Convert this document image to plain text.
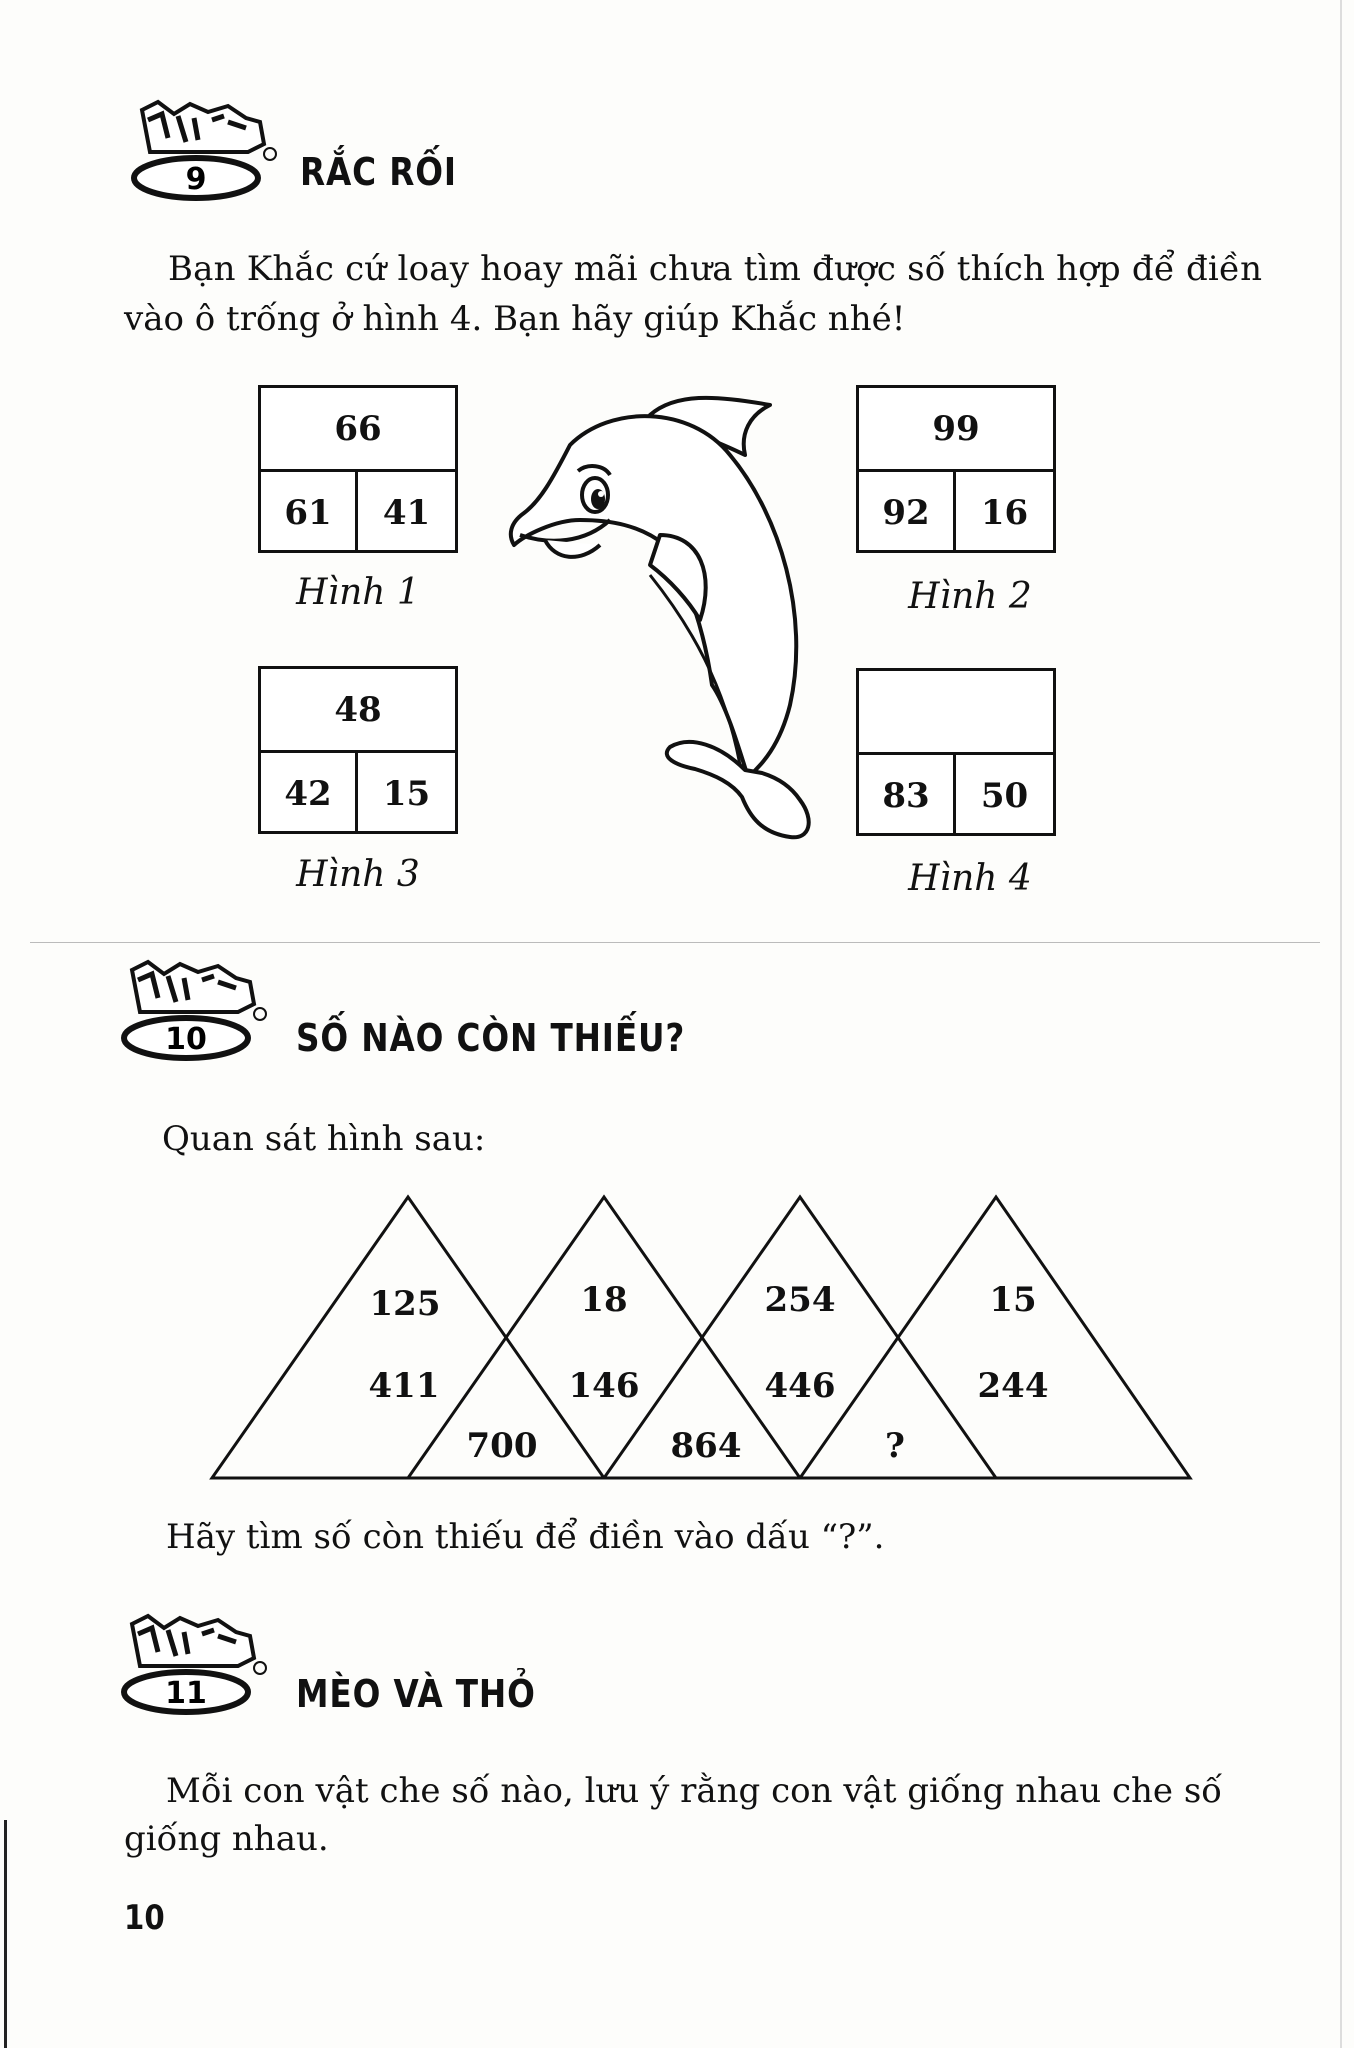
9 RẮC RỐI
Bạn Khắc cứ loay hoay mãi chưa tìm được số thích hợp để điền
vào ô trống ở hình 4. Bạn hãy giúp Khắc nhé!
66
61	41
Hình 1
99
92	16
Hình 2
48
42	15
Hình 3
83	50
Hình 4
10 SỐ NÀO CÒN THIẾU?
Quan sát hình sau:
125
411
18
146
254
446
15
244
700	864	?
Hãy tìm số còn thiếu để điền vào dấu “?”.
11 MÈO VÀ THỎ
Mỗi con vật che số nào, lưu ý rằng con vật giống nhau che số
giống nhau.
10
